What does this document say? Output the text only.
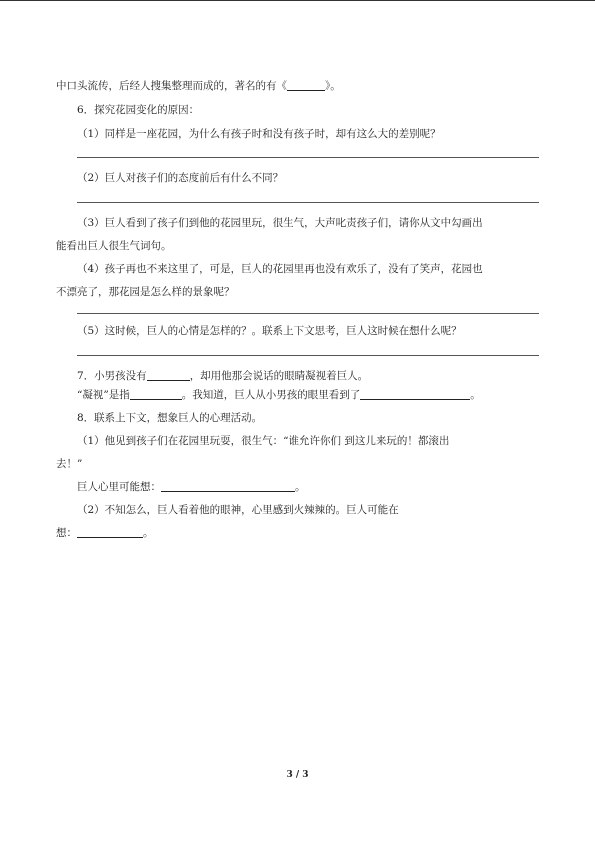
中口头流传，后经人搜集整理而成的，著名的有《	》。
6．探究花园变化的原因：
（1）同样是一座花园，为什么有孩子时和没有孩子时，却有这么大的差别呢？
（2）巨人对孩子们的态度前后有什么不同？
（3）巨人看到了孩子们到他的花园里玩，很生气，大声叱责孩子们，请你从文中勾画出
能看出巨人很生气词句。
（4）孩子再也不来这里了，可是，巨人的花园里再也没有欢乐了，没有了笑声，花园也
不漂亮了，那花园是怎么样的景象呢？
（5）这时候，巨人的心情是怎样的？。联系上下文思考，巨人这时候在想什么呢？
7．小男孩没有	，却用他那会说话的眼睛凝视着巨人。
“凝视”是指	。我知道，巨人从小男孩的眼里看到了	。
8．联系上下文，想象巨人的心理活动。
（1）他见到孩子们在花园里玩耍，很生气：“谁允许你们 到这儿来玩的！都滚出
去！”
巨人心里可能想：	。
（2）不知怎么，巨人看着他的眼神，心里感到火辣辣的。巨人可能在
想：	。
3 / 3
